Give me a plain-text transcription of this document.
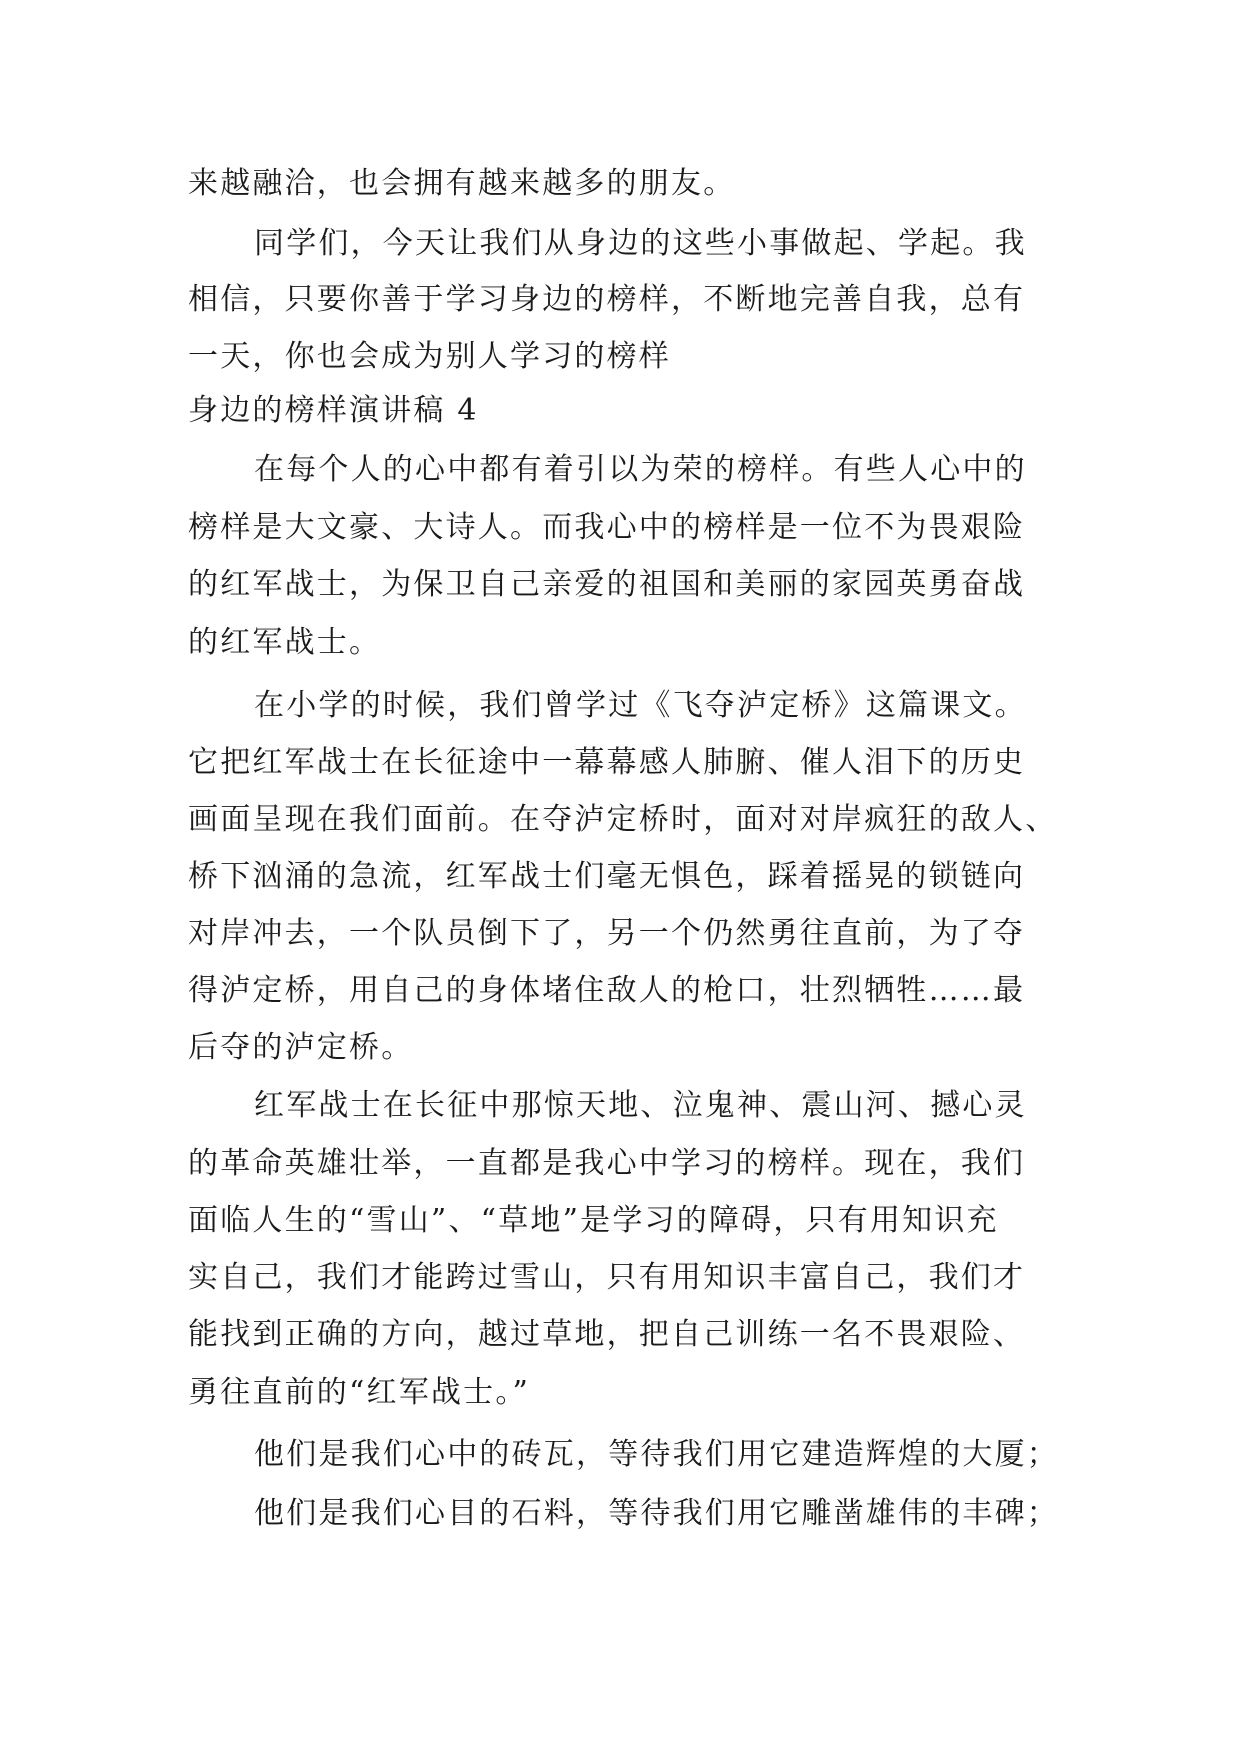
来越融洽，也会拥有越来越多的朋友。
同学们，今天让我们从身边的这些小事做起、学起。我
相信，只要你善于学习身边的榜样，不断地完善自我，总有
一天，你也会成为别人学习的榜样
身边的榜样演讲稿 4
在每个人的心中都有着引以为荣的榜样。有些人心中的
榜样是大文豪、大诗人。而我心中的榜样是一位不为畏艰险
的红军战士，为保卫自己亲爱的祖国和美丽的家园英勇奋战
的红军战士。
在小学的时候，我们曾学过《飞夺泸定桥》这篇课文。
它把红军战士在长征途中一幕幕感人肺腑、催人泪下的历史
画面呈现在我们面前。在夺泸定桥时，面对对岸疯狂的敌人、
桥下汹涌的急流，红军战士们毫无惧色，踩着摇晃的锁链向
对岸冲去，一个队员倒下了，另一个仍然勇往直前，为了夺
得泸定桥，用自己的身体堵住敌人的枪口，壮烈牺牲……最
后夺的泸定桥。
红军战士在长征中那惊天地、泣鬼神、震山河、撼心灵
的革命英雄壮举，一直都是我心中学习的榜样。现在，我们
面临人生的“雪山”、“草地”是学习的障碍，只有用知识充
实自己，我们才能跨过雪山，只有用知识丰富自己，我们才
能找到正确的方向，越过草地，把自己训练一名不畏艰险、
勇往直前的“红军战士。”
他们是我们心中的砖瓦，等待我们用它建造辉煌的大厦；
他们是我们心目的石料，等待我们用它雕凿雄伟的丰碑；
